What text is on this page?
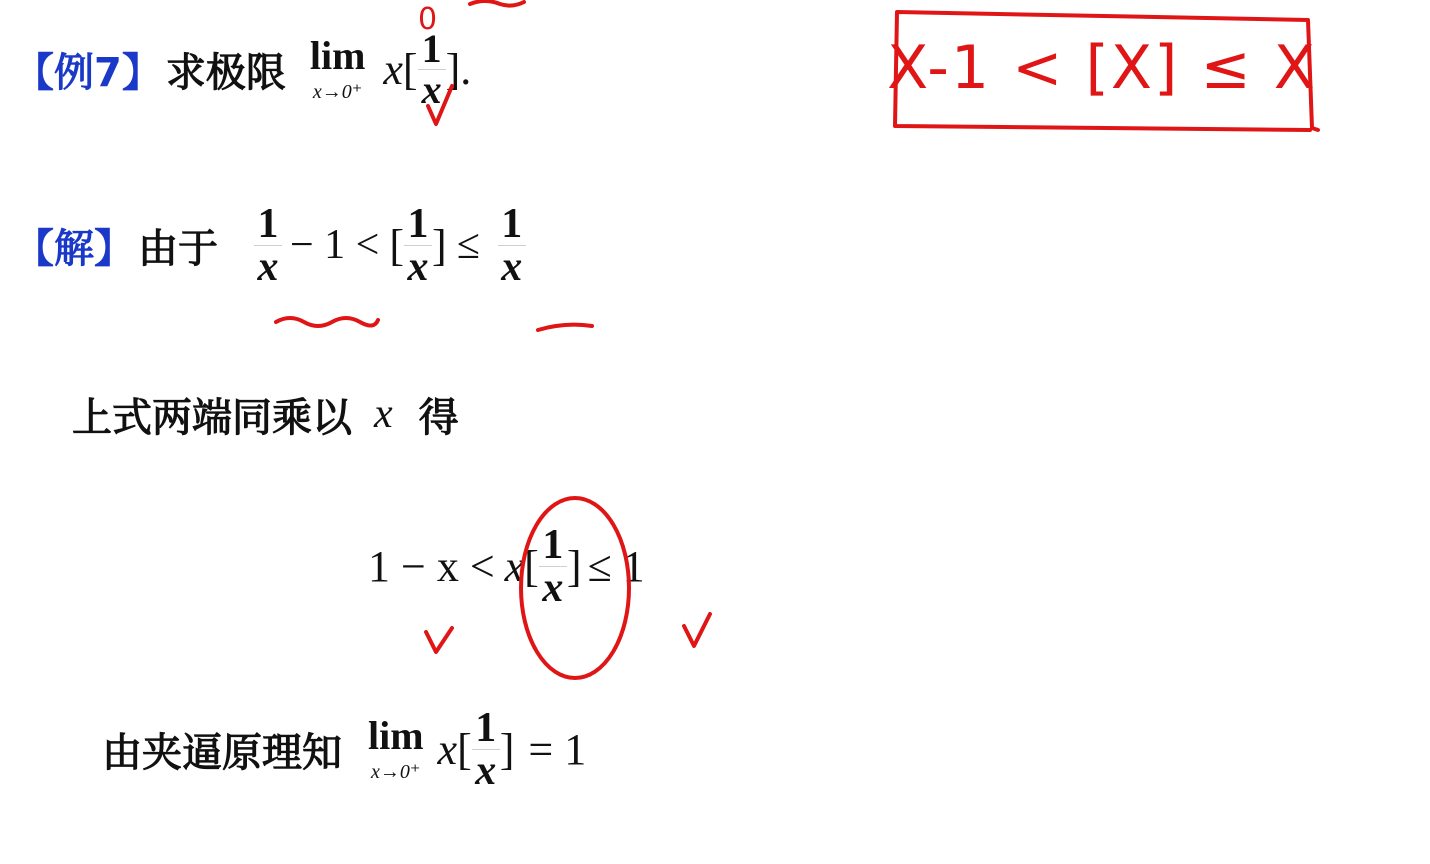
【例7】 求极限 lim
x→0⁺ x [ $\frac{1}{x}$ ].
0
X-1 < [X] ≤ X
【解】 由于 $\frac{1}{x} - 1$ < [ $\frac{1}{x}$ ] ≤ $\frac{1}{x}$
上式两端同乘以 x 得
1 − x < x [ $\frac{1}{x}$ ] ≤ 1
由夹逼原理知 lim
x→0⁺ x [ $\frac{1}{x}$ ] = 1
